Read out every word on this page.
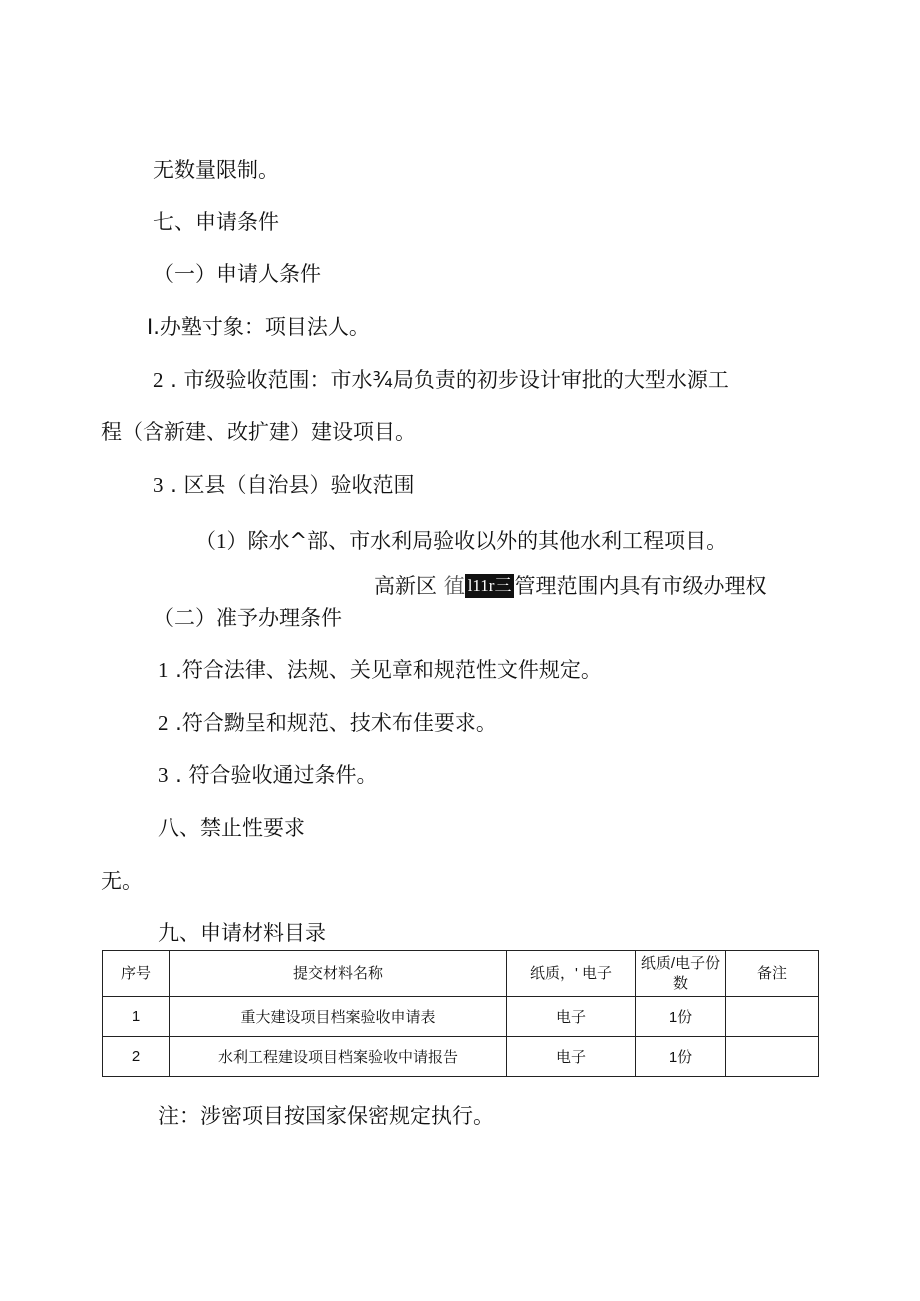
无数量限制。
七、申请条件
（一）申请人条件
I.办塾寸象：项目法人。
2 . 市级验收范围：市水¾局负责的初步设计审批的大型水源工
程（含新建、改扩建）建设项目。
3 . 区县（自治县）验收范围
（1）除水^部、市水利局验收以外的其他水利工程项目。
高新区 徝 l11r三 管理范围内具有市级办理权
（二）准予办理条件
1 .符合法律、法规、关见章和规范性文件规定。
2 .符合黝呈和规范、技术布佳要求。
3 . 符合验收通过条件。
八、禁止性要求
无。
九、申请材料目录
序号	提交材料名称	纸质，' 电子	纸质/电子份数	备注
1	重大建设项目档案验收申请表	电子	1份	
2	水利工程建设项目档案验收中请报告	电子	1份	
注：涉密项目按国家保密规定执行。
